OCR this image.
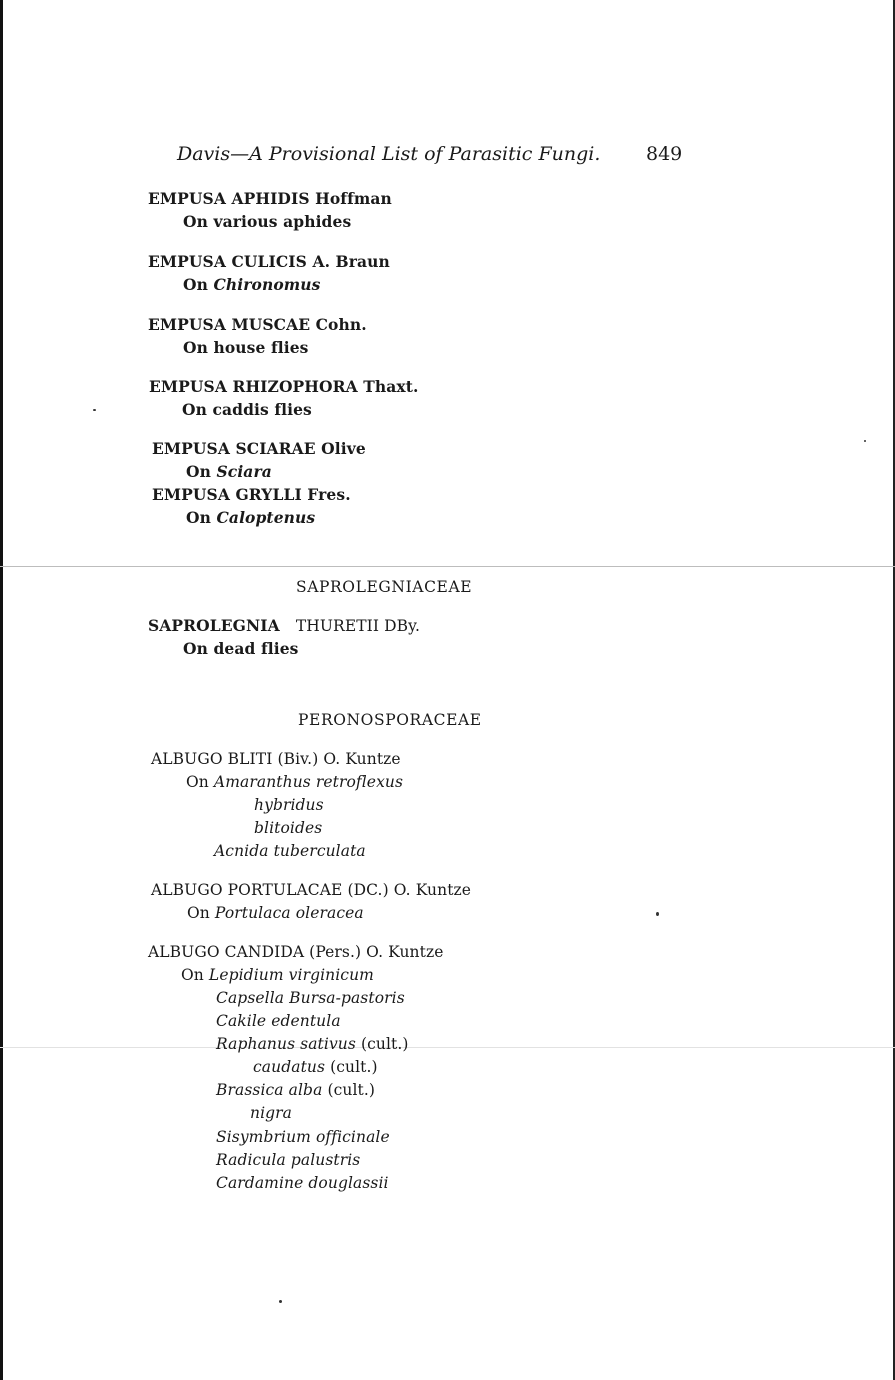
Davis—A Provisional List of Parasitic Fungi. 849
EMPUSA APHIDIS Hoffman
On various aphides
EMPUSA CULICIS A. Braun
On Chironomus
EMPUSA MUSCAE Cohn.
On house flies
EMPUSA RHIZOPHORA Thaxt.
On caddis flies
EMPUSA SCIARAE Olive
On Sciara
EMPUSA GRYLLI Fres.
On Caloptenus
SAPROLEGNIACEAE
SAPROLEGNIA THURETII DBy.
On dead flies
PERONOSPORACEAE
ALBUGO BLITI (Biv.) O. Kuntze
On Amaranthus retroflexus
hybridus
blitoides
Acnida tuberculata
ALBUGO PORTULACAE (DC.) O. Kuntze
On Portulaca oleracea
ALBUGO CANDIDA (Pers.) O. Kuntze
On Lepidium virginicum
Capsella Bursa-pastoris
Cakile edentula
Raphanus sativus (cult.)
caudatus (cult.)
Brassica alba (cult.)
nigra
Sisymbrium officinale
Radicula palustris
Cardamine douglassii
